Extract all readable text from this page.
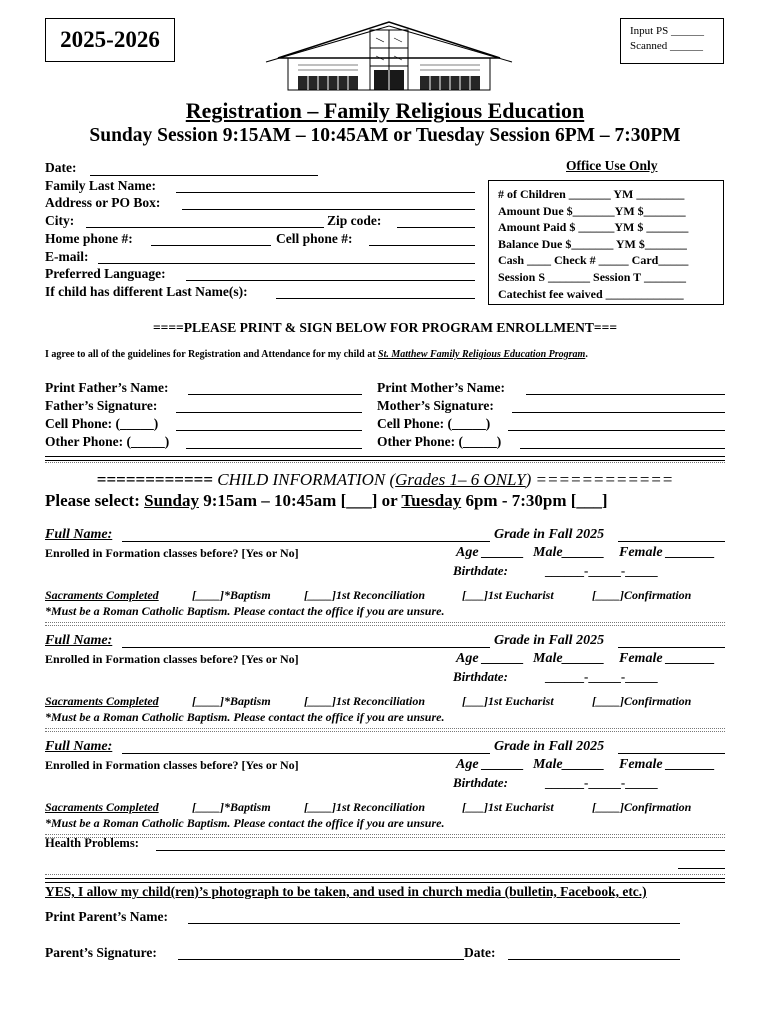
2025-2026	Input PS ______
Scanned ______
Registration – Family Religious Education
Sunday Session 9:15AM – 10:45AM or Tuesday Session 6PM – 7:30PM
Date:
Family Last Name:
Address or PO Box:
City:	Zip code:
Home phone #:	Cell phone #:
E-mail:
Preferred Language:
If child has different Last Name(s):
Office Use Only
# of Children _______ YM ________
Amount Due $_______YM $_______
Amount Paid $ ______YM $ _______
Balance Due $_______ YM $_______
Cash ____ Check # _____ Card_____
Session S _______ Session T _______
Catechist fee waived _____________
====PLEASE PRINT & SIGN BELOW FOR PROGRAM ENROLLMENT===
I agree to all of the guidelines for Registration and Attendance for my child at St. Matthew Family Religious Education Program.
Print Father’s Name:
Father’s Signature:
Cell Phone: (_____)
Other Phone: (_____)
Print Mother’s Name:
Mother’s Signature:
Cell Phone: (_____)
Other Phone: (_____)
============ CHILD INFORMATION (Grades 1– 6 ONLY) ============
Please select: Sunday 9:15am – 10:45am [___] or Tuesday 6pm - 7:30pm [___]
Full Name:	Grade in Fall 2025
Enrolled in Formation classes before? [Yes or No]	Age ______ Male______ Female _______
Birthdate:	______-_____-_____
Sacraments Completed	[____]*Baptism	[____]1st Reconciliation	[___]1st Eucharist	[____]Confirmation
*Must be a Roman Catholic Baptism. Please contact the office if you are unsure.
Full Name:	Grade in Fall 2025
Enrolled in Formation classes before? [Yes or No]	Age ______ Male______ Female _______
Birthdate:	______-_____-_____
Sacraments Completed	[____]*Baptism	[____]1st Reconciliation	[___]1st Eucharist	[____]Confirmation
*Must be a Roman Catholic Baptism. Please contact the office if you are unsure.
Full Name:	Grade in Fall 2025
Enrolled in Formation classes before? [Yes or No]	Age ______ Male______ Female _______
Birthdate:	______-_____-_____
Sacraments Completed	[____]*Baptism	[____]1st Reconciliation	[___]1st Eucharist	[____]Confirmation
*Must be a Roman Catholic Baptism. Please contact the office if you are unsure.
Health Problems:
YES, I allow my child(ren)’s photograph to be taken, and used in church media (bulletin, Facebook, etc.)
Print Parent’s Name:
Parent’s Signature:	Date:
